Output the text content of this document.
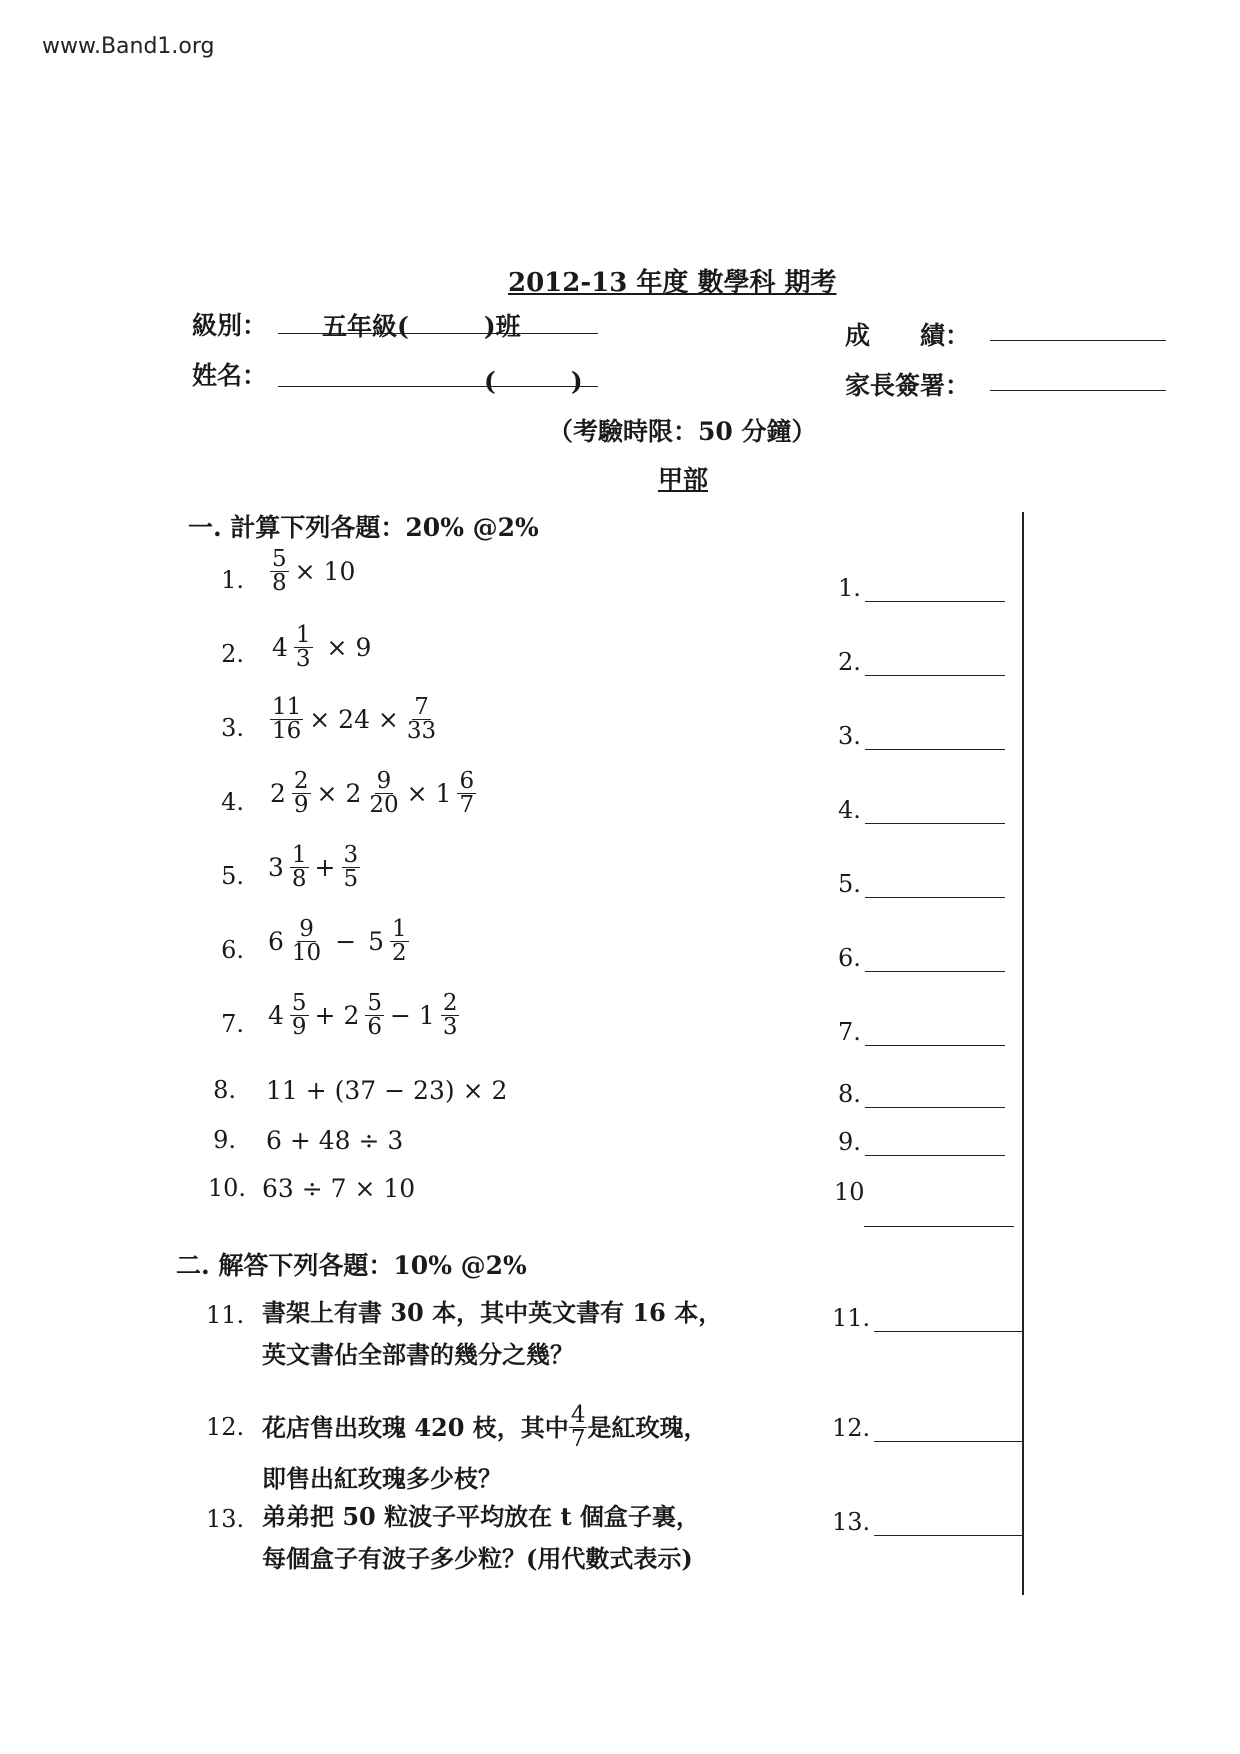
www.Band1.org
2012-13 年度 數學科 期考
級別： 五年級(　　　)班
姓名：	(　　　)
成　　績：
家長簽署：
（考驗時限：50 分鐘）
甲部
一. 計算下列各題：20% @2%
1. $\frac{5}{8} \times 10$
2. $4 \frac{1}{3} \times 9$
3. $\frac{11}{16} \times 24 \times \frac{7}{33}$
4. $2 \frac{2}{9} \times 2 \frac{9}{20} \times 1 \frac{6}{7}$
5. $3 \frac{1}{8} + \frac{3}{5}$
6. $6 \frac{9}{10} - 5 \frac{1}{2}$
7. $4 \frac{5}{9} + 2 \frac{5}{6} - 1 \frac{2}{3}$
8. 11 + (37 − 23) × 2
9. 6 + 48 ÷ 3
10. 63 ÷ 7 × 10
1.
2.
3.
4.
5.
6.
7.
8.
9.
10
二. 解答下列各題：10% @2%
11. 書架上有書 30 本，其中英文書有 16 本，
英文書佔全部書的幾分之幾？
11.
12. 花店售出玫瑰 420 枝，其中 $\frac{4}{7}$ 是紅玫瑰，
即售出紅玫瑰多少枝？
12.
13. 弟弟把 50 粒波子平均放在 t 個盒子裏，
每個盒子有波子多少粒？(用代數式表示)
13.
